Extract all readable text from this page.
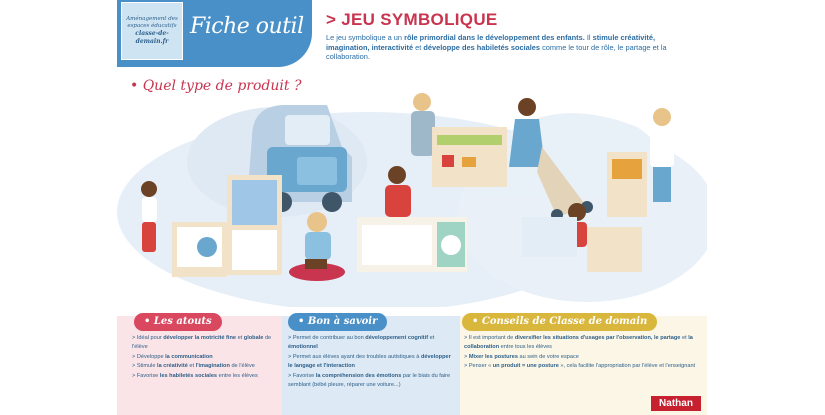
Aménagement des
espaces éducatifs
classe-de-demain.fr
Fiche outil > JEU SYMBOLIQUE

Le jeu symbolique a un rôle primordial dans le développement des enfants. Il stimule créativité, imagination, interactivité et développe des habiletés sociales comme le tour de rôle, le partage et la collaboration.

• Quel type de produit ?
• Les atouts	• Bon à savoir	• Conseils de Classe de domain
> Idéal pour développer la motricité fine et globale de l'élève
> Développe la communication
> Stimule la créativité et l'imagination de l'élève
> Favorise les habiletés sociales entre les élèves
> Permet de contribuer au bon développement cognitif et émotionnel
> Permet aux élèves ayant des troubles autistiques à développer le langage et l'interaction
> Favorise la compréhension des émotions par le biais du faire semblant (bébé pleure, réparer une voiture...)
> Il est important de diversifier les situations d'usages par l'observation, le partage et la collaboration entre tous les élèves
> Mixer les postures au sein de votre espace
> Penser « un produit = une posture », cela facilite l'appropriation par l'élève et l'enseignant
Nathan
